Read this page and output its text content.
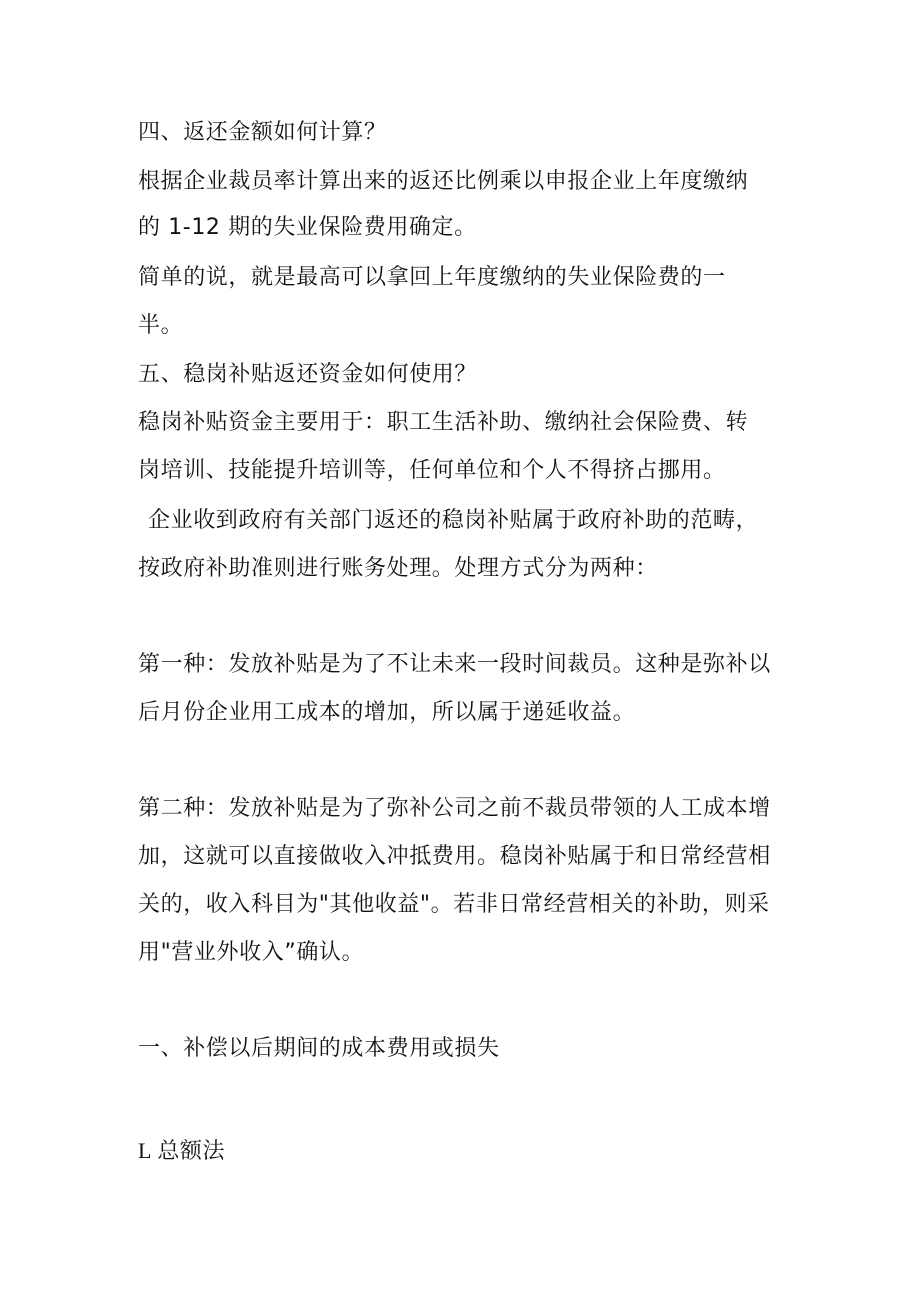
四、返还金额如何计算？
根据企业裁员率计算出来的返还比例乘以申报企业上年度缴纳
的 1-12 期的失业保险费用确定。
简单的说，就是最高可以拿回上年度缴纳的失业保险费的一
半。
五、稳岗补贴返还资金如何使用？
稳岗补贴资金主要用于：职工生活补助、缴纳社会保险费、转
岗培训、技能提升培训等，任何单位和个人不得挤占挪用。
企业收到政府有关部门返还的稳岗补贴属于政府补助的范畴，
按政府补助准则进行账务处理。处理方式分为两种：
第一种：发放补贴是为了不让未来一段时间裁员。这种是弥补以
后月份企业用工成本的增加，所以属于递延收益。
第二种：发放补贴是为了弥补公司之前不裁员带领的人工成本增
加，这就可以直接做收入冲抵费用。稳岗补贴属于和日常经营相
关的，收入科目为"其他收益"。若非日常经营相关的补助，则采
用"营业外收入”确认。
一、补偿以后期间的成本费用或损失
L 总额法
